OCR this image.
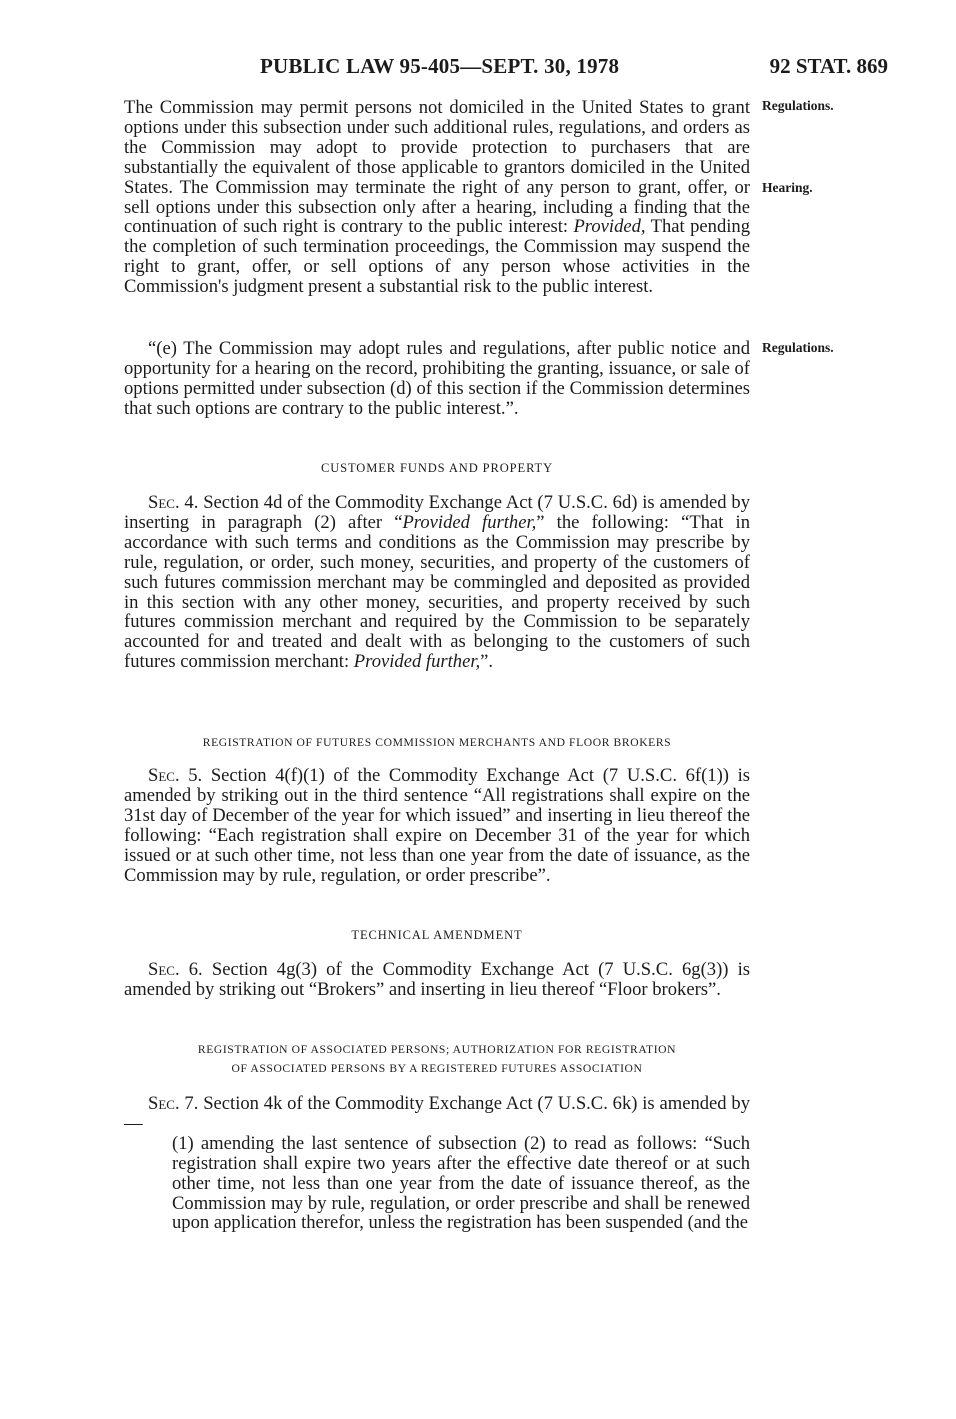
PUBLIC LAW 95-405—SEPT. 30, 1978	92 STAT. 869
Regulations.
Hearing.
Regulations.

The Commission may permit persons not domiciled in the United States to grant options under this subsection under such additional rules, regulations, and orders as the Commission may adopt to provide protection to purchasers that are substantially the equivalent of those applicable to grantors domiciled in the United States. The Commission may terminate the right of any person to grant, offer, or sell options under this subsection only after a hearing, including a finding that the continuation of such right is contrary to the public interest: Provided, That pending the completion of such termination proceedings, the Commission may suspend the right to grant, offer, or sell options of any person whose activities in the Commission's judgment present a substantial risk to the public interest.

“(e) The Commission may adopt rules and regulations, after public notice and opportunity for a hearing on the record, prohibiting the granting, issuance, or sale of options permitted under subsection (d) of this section if the Commission determines that such options are contrary to the public interest.”.

CUSTOMER FUNDS AND PROPERTY

Sec. 4. Section 4d of the Commodity Exchange Act (7 U.S.C. 6d) is amended by inserting in paragraph (2) after “Provided further,” the following: “That in accordance with such terms and conditions as the Commission may prescribe by rule, regulation, or order, such money, securities, and property of the customers of such futures commission merchant may be commingled and deposited as provided in this section with any other money, securities, and property received by such futures commission merchant and required by the Commission to be separately accounted for and treated and dealt with as belonging to the customers of such futures commission merchant: Provided further,”.

REGISTRATION OF FUTURES COMMISSION MERCHANTS AND FLOOR BROKERS

Sec. 5. Section 4(f)(1) of the Commodity Exchange Act (7 U.S.C. 6f(1)) is amended by striking out in the third sentence “All registrations shall expire on the 31st day of December of the year for which issued” and inserting in lieu thereof the following: “Each registration shall expire on December 31 of the year for which issued or at such other time, not less than one year from the date of issuance, as the Commission may by rule, regulation, or order prescribe”.

TECHNICAL AMENDMENT

Sec. 6. Section 4g(3) of the Commodity Exchange Act (7 U.S.C. 6g(3)) is amended by striking out “Brokers” and inserting in lieu thereof “Floor brokers”.

REGISTRATION OF ASSOCIATED PERSONS; AUTHORIZATION FOR REGISTRATION
OF ASSOCIATED PERSONS BY A REGISTERED FUTURES ASSOCIATION

Sec. 7. Section 4k of the Commodity Exchange Act (7 U.S.C. 6k) is amended by—

(1) amending the last sentence of subsection (2) to read as follows: “Such registration shall expire two years after the effective date thereof or at such other time, not less than one year from the date of issuance thereof, as the Commission may by rule, regulation, or order prescribe and shall be renewed upon application therefor, unless the registration has been suspended (and the
